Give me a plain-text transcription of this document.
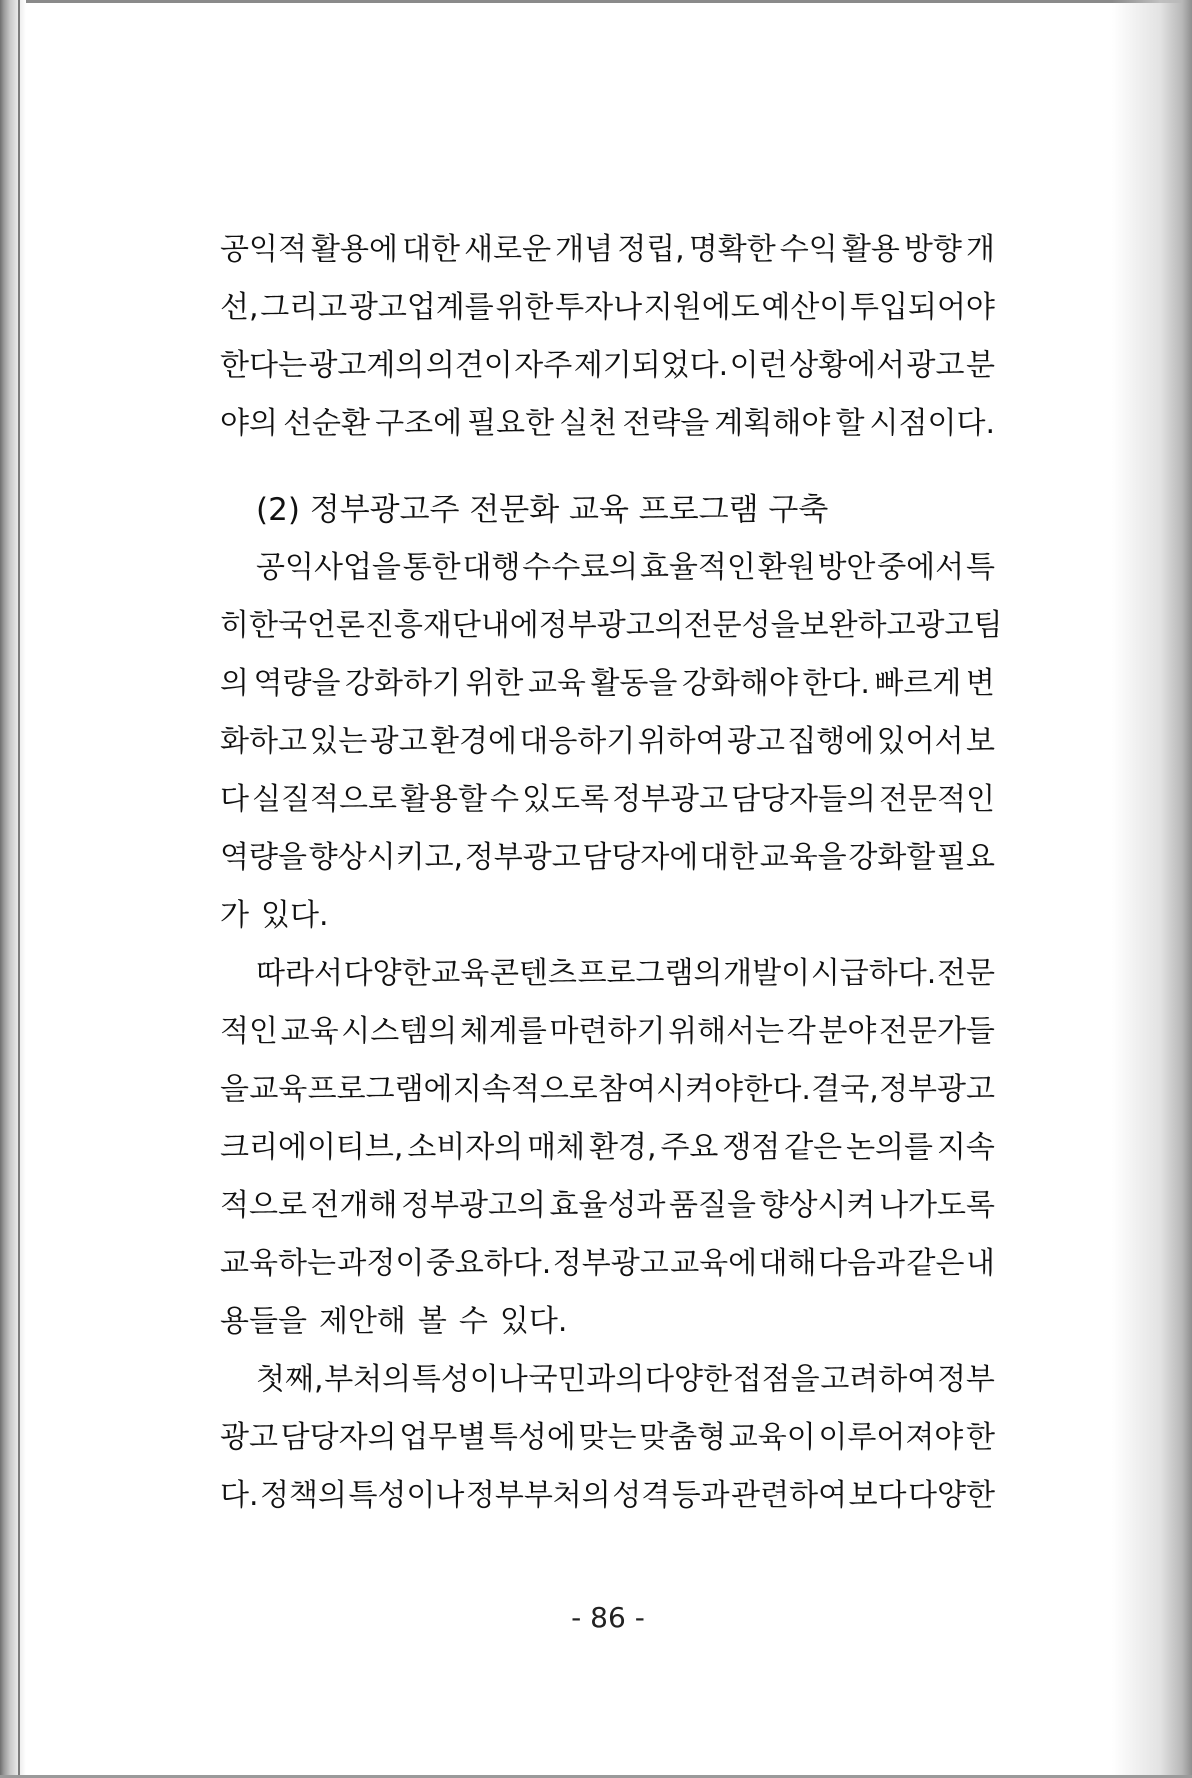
공익적 활용에 대한 새로운 개념 정립, 명확한 수익 활용 방향 개
선, 그리고 광고업계를 위한 투자나 지원에도 예산이 투입되어야
한다는 광고계의 의견이 자주 제기되었다. 이런 상황에서 광고 분
야의 선순환 구조에 필요한 실천 전략을 계획해야 할 시점이다.
(2) 정부광고주 전문화 교육 프로그램 구축
공익사업을 통한 대행 수수료의 효율적인 환원 방안 중에서 특
히 한국언론진흥재단 내에 정부광고의 전문성을 보완하고 광고팀
의 역량을 강화하기 위한 교육 활동을 강화해야 한다. 빠르게 변
화하고 있는 광고 환경에 대응하기 위하여 광고 집행에 있어서 보
다 실질적으로 활용할 수 있도록 정부광고 담당자들의 전문적인
역량을 향상시키고, 정부광고 담당자에 대한 교육을 강화할 필요
가 있다.
따라서 다양한 교육 콘텐츠 프로그램의 개발이 시급하다. 전문
적인 교육 시스템의 체계를 마련하기 위해서는 각 분야 전문가들
을 교육 프로그램에 지속적으로 참여시켜야 한다. 결국, 정부광고
크리에이티브, 소비자의 매체 환경, 주요 쟁점 같은 논의를 지속
적으로 전개해 정부광고의 효율성과 품질을 향상시켜 나가도록
교육하는 과정이 중요하다. 정부광고 교육에 대해 다음과 같은 내
용들을 제안해 볼 수 있다.
첫째, 부처의 특성이나 국민과의 다양한 접점을 고려하여 정부
광고 담당자의 업무별 특성에 맞는 맞춤형 교육이 이루어져야 한
다. 정책의 특성이나 정부부처의 성격 등과 관련하여 보다 다양한
- 86 -
